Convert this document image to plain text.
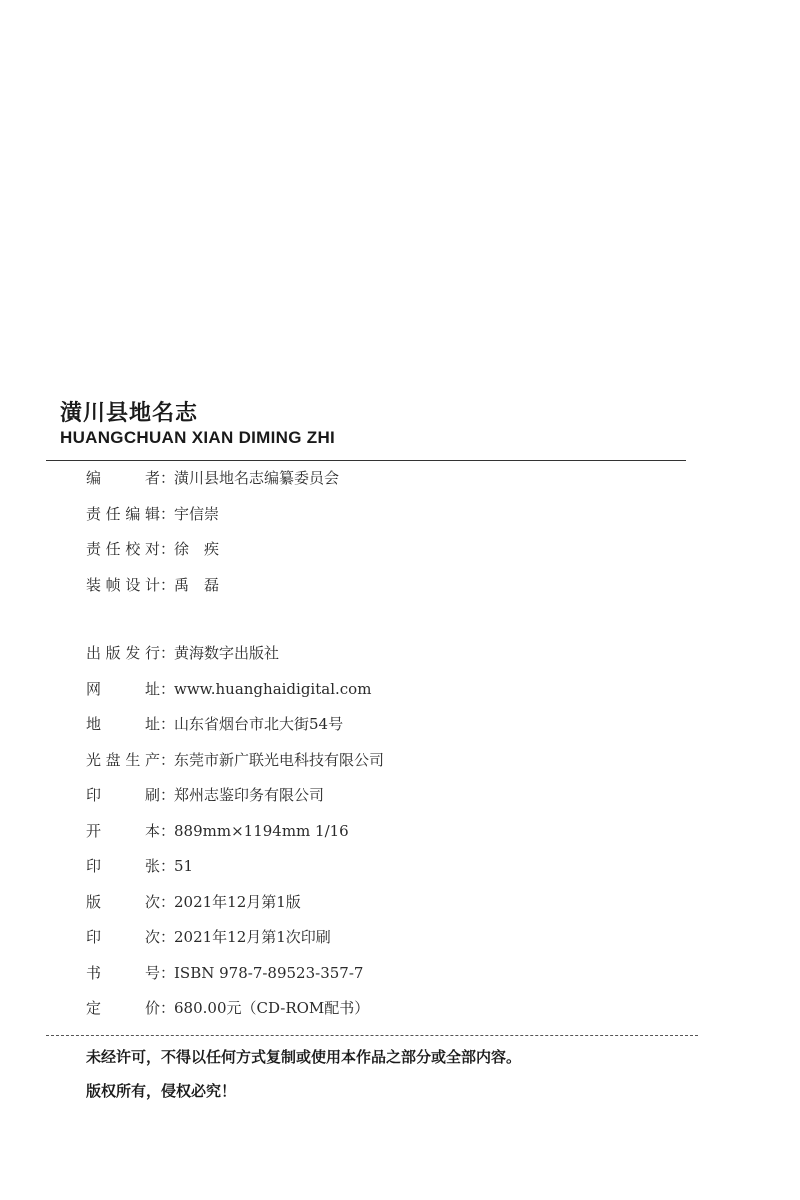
潢川县地名志
HUANGCHUAN XIAN DIMING ZHI
编　　者 ：
潢川县地名志编纂委员会
责任编辑 ：
宇信崇
责任校对 ：
徐　疾
装帧设计 ：
禹　磊
出版发行 ：
黄海数字出版社
网　　址 ：
www.huanghaidigital.com
地　　址 ：
山东省烟台市北大街54号
光盘生产 ：
东莞市新广联光电科技有限公司
印　　刷 ：
郑州志鉴印务有限公司
开　　本 ：
889mm×1194mm 1/16
印　　张 ：
51
版　　次 ：
2021年12月第1版
印　　次 ：
2021年12月第1次印刷
书　　号 ：
ISBN 978-7-89523-357-7
定　　价 ：
680.00元（CD-ROM配书）
未经许可，不得以任何方式复制或使用本作品之部分或全部内容。
版权所有，侵权必究！
